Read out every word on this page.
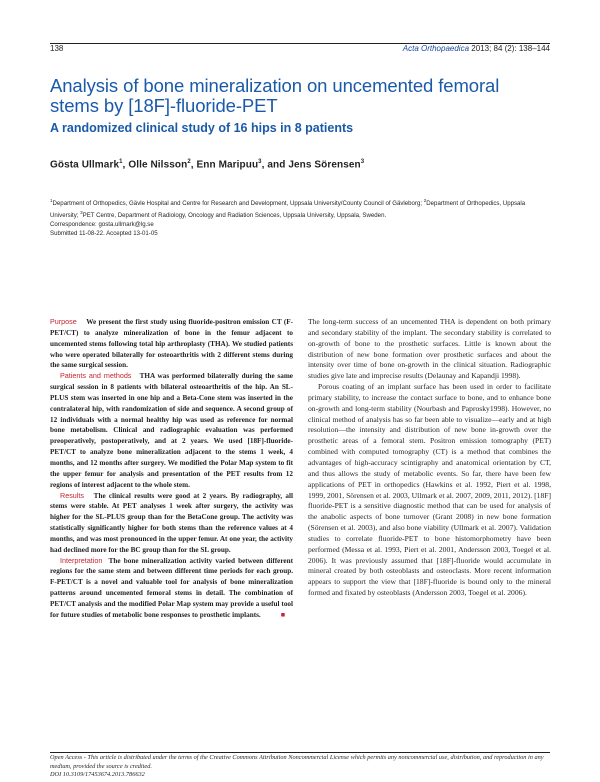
138	Acta Orthopaedica 2013; 84 (2): 138–144
Analysis of bone mineralization on uncemented femoral stems by [18F]-fluoride-PET
A randomized clinical study of 16 hips in 8 patients
Gösta Ullmark$^1$, Olle Nilsson$^2$, Enn Maripuu$^3$, and Jens Sörensen$^3$
$^1$Department of Orthopedics, Gävle Hospital and Centre for Research and Development, Uppsala University/County Council of Gävleborg; $^2$Department of Orthopedics, Uppsala University; $^3$PET Centre, Department of Radiology, Oncology and Radiation Sciences, Uppsala University, Uppsala, Sweden.
Correspondence: gosta.ullmark@lg.se
Submitted 11-08-22. Accepted 13-01-05

Purpose We present the first study using fluoride-positron emission CT (F-PET/CT) to analyze mineralization of bone in the femur adjacent to uncemented stems following total hip arthroplasty (THA). We studied patients who were operated bilaterally for osteoarthritis with 2 different stems during the same surgical session.

Patients and methods THA was performed bilaterally during the same surgical session in 8 patients with bilateral osteoarthritis of the hip. An SL-PLUS stem was inserted in one hip and a Beta-Cone stem was inserted in the contralateral hip, with randomization of side and sequence. A second group of 12 individuals with a normal healthy hip was used as reference for normal bone metabolism. Clinical and radiographic evaluation was performed preoperatively, postoperatively, and at 2 years. We used [18F]-fluoride-PET/CT to analyze bone mineralization adjacent to the stems 1 week, 4 months, and 12 months after surgery. We modified the Polar Map system to fit the upper femur for analysis and presentation of the PET results from 12 regions of interest adjacent to the whole stem.

Results The clinical results were good at 2 years. By radiography, all stems were stable. At PET analyses 1 week after surgery, the activity was higher for the SL-PLUS group than for the BetaCone group. The activity was statistically significantly higher for both stems than the reference values at 4 months, and was most pronounced in the upper femur. At one year, the activity had declined more for the BC group than for the SL group.

Interpretation The bone mineralization activity varied between different regions for the same stem and between different time periods for each group. F-PET/CT is a novel and valuable tool for analysis of bone mineralization patterns around uncemented femoral stems in detail. The combination of PET/CT analysis and the modified Polar Map system may provide a useful tool for future studies of metabolic bone responses to prosthetic implants.	■

The long-term success of an uncemented THA is dependent on both primary and secondary stability of the implant. The secondary stability is correlated to on-growth of bone to the prosthetic surfaces. Little is known about the distribution of new bone formation over prosthetic surfaces and about the intensity over time of bone on-growth in the clinical situation. Radiographic studies give late and imprecise results (Delaunay and Kapandji 1998).

Porous coating of an implant surface has been used in order to facilitate primary stability, to increase the contact surface to bone, and to enhance bone on-growth and long-term stability (Nourbash and Paprosky1998). However, no clinical method of analysis has so far been able to visualize—early and at high resolution—the intensity and distribution of new bone in-growth over the prosthetic areas of a femoral stem. Positron emission tomography (PET) combined with computed tomography (CT) is a method that combines the advantages of high-accuracy scintigraphy and anatomical orientation by CT, and thus allows the study of metabolic events. So far, there have been few applications of PET in orthopedics (Hawkins et al. 1992, Piert et al. 1998, 1999, 2001, Sörensen et al. 2003, Ullmark et al. 2007, 2009, 2011, 2012). [18F] fluoride-PET is a sensitive diagnostic method that can be used for analysis of the anabolic aspects of bone turnover (Grant 2008) in new bone formation (Sörensen et al. 2003), and also bone viability (Ullmark et al. 2007). Validation studies to correlate fluoride-PET to bone histomorphometry have been performed (Messa et al. 1993, Piert et al. 2001, Andersson 2003, Toegel et al. 2006). It was previously assumed that [18F]-fluoride would accumulate in mineral created by both osteoblasts and osteoclasts. More recent information appears to support the view that [18F]-fluoride is bound only to the mineral formed and fixated by osteoblasts (Andersson 2003, Toegel et al. 2006).

Open Access - This article is distributed under the terms of the Creative Commons Attribution Noncommercial License which permits any noncommercial use, distribution, and reproduction in any medium, provided the source is credited.
DOI 10.3109/17453674.2013.786632
